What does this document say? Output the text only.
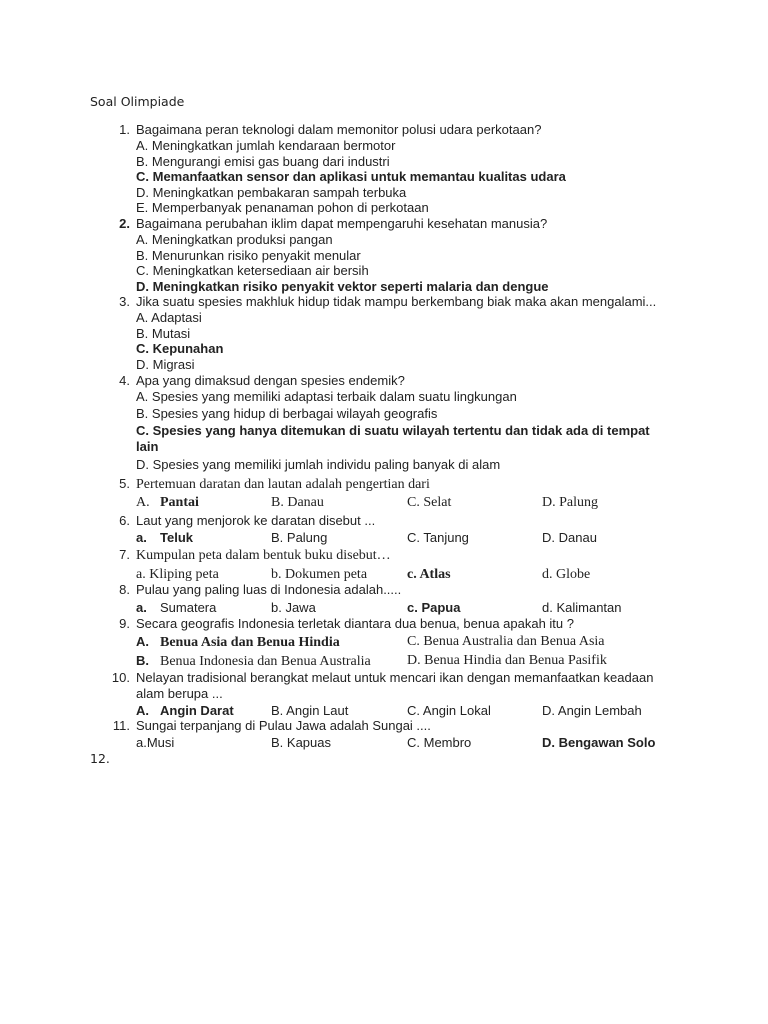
Soal Olimpiade
1. Bagaimana peran teknologi dalam memonitor polusi udara perkotaan?
A. Meningkatkan jumlah kendaraan bermotor
B. Mengurangi emisi gas buang dari industri
C. Memanfaatkan sensor dan aplikasi untuk memantau kualitas udara
D. Meningkatkan pembakaran sampah terbuka
E. Memperbanyak penanaman pohon di perkotaan
2. Bagaimana perubahan iklim dapat mempengaruhi kesehatan manusia?
A. Meningkatkan produksi pangan
B. Menurunkan risiko penyakit menular
C. Meningkatkan ketersediaan air bersih
D. Meningkatkan risiko penyakit vektor seperti malaria dan dengue
3. Jika suatu spesies makhluk hidup tidak mampu berkembang biak maka akan mengalami...
A. Adaptasi
B. Mutasi
C. Kepunahan
D. Migrasi
4. Apa yang dimaksud dengan spesies endemik?
A. Spesies yang memiliki adaptasi terbaik dalam suatu lingkungan
B. Spesies yang hidup di berbagai wilayah geografis
C. Spesies yang hanya ditemukan di suatu wilayah tertentu dan tidak ada di tempat lain
D. Spesies yang memiliki jumlah individu paling banyak di alam
5. Pertemuan daratan dan lautan adalah pengertian dari
A. Pantai	B. Danau	C. Selat	D. Palung
6. Laut yang menjorok ke daratan disebut ...
a. Teluk	B. Palung	C. Tanjung	D. Danau
7. Kumpulan peta dalam bentuk buku disebut…
a. Kliping peta	b. Dokumen peta	c. Atlas	d. Globe
8. Pulau yang paling luas di Indonesia adalah.....
a. Sumatera	b. Jawa	c. Papua	d. Kalimantan
9. Secara geografis Indonesia terletak diantara dua benua, benua apakah itu ?
A. Benua Asia dan Benua Hindia	C. Benua Australia dan Benua Asia
B. Benua Indonesia dan Benua Australia	D. Benua Hindia dan Benua Pasifik
10. Nelayan tradisional berangkat melaut untuk mencari ikan dengan memanfaatkan keadaan alam berupa ...
A. Angin Darat	B. Angin Laut	C. Angin Lokal	D. Angin Lembah
11. Sungai terpanjang di Pulau Jawa adalah Sungai ....
a.Musi	B. Kapuas	C. Membro	D. Bengawan Solo
12.
